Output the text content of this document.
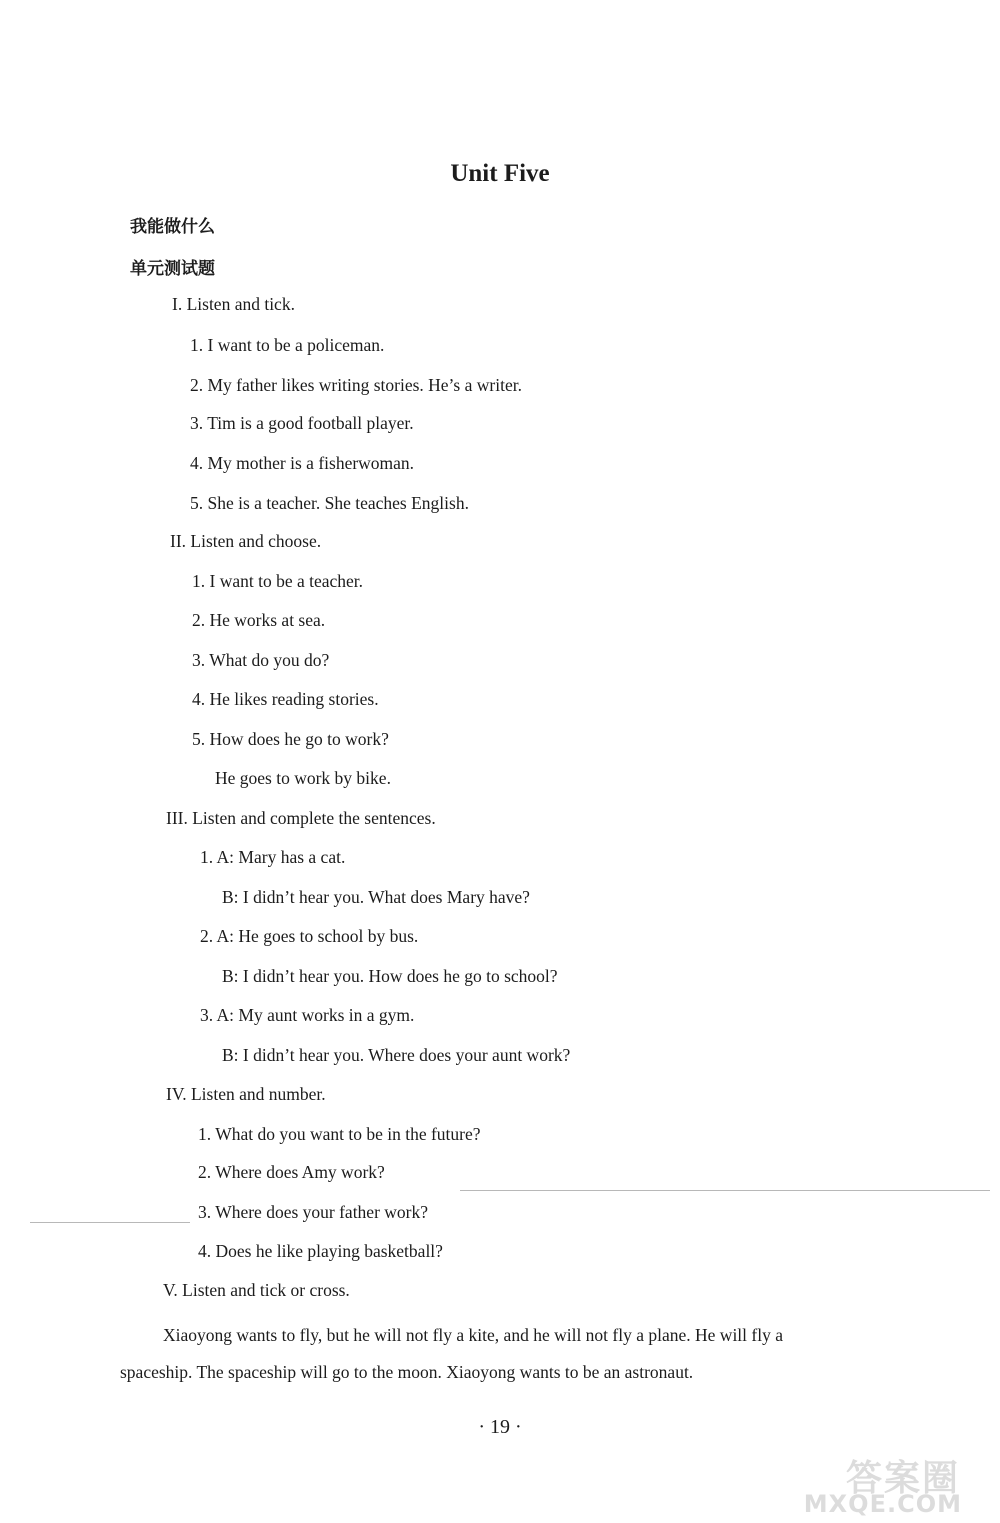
Unit Five
我能做什么
单元测试题
I. Listen and tick.
1. I want to be a policeman.
2. My father likes writing stories. He’s a writer.
3. Tim is a good football player.
4. My mother is a fisherwoman.
5. She is a teacher. She teaches English.
II. Listen and choose.
1. I want to be a teacher.
2. He works at sea.
3. What do you do?
4. He likes reading stories.
5. How does he go to work?
He goes to work by bike.
III. Listen and complete the sentences.
1. A: Mary has a cat.
B: I didn’t hear you. What does Mary have?
2. A: He goes to school by bus.
B: I didn’t hear you. How does he go to school?
3. A: My aunt works in a gym.
B: I didn’t hear you. Where does your aunt work?
IV. Listen and number.
1. What do you want to be in the future?
2. Where does Amy work?
3. Where does your father work?
4. Does he like playing basketball?
V. Listen and tick or cross.
Xiaoyong wants to fly, but he will not fly a kite, and he will not fly a plane. He will fly a
spaceship. The spaceship will go to the moon. Xiaoyong wants to be an astronaut.
· 19 ·
答案圈
MXQE.COM
